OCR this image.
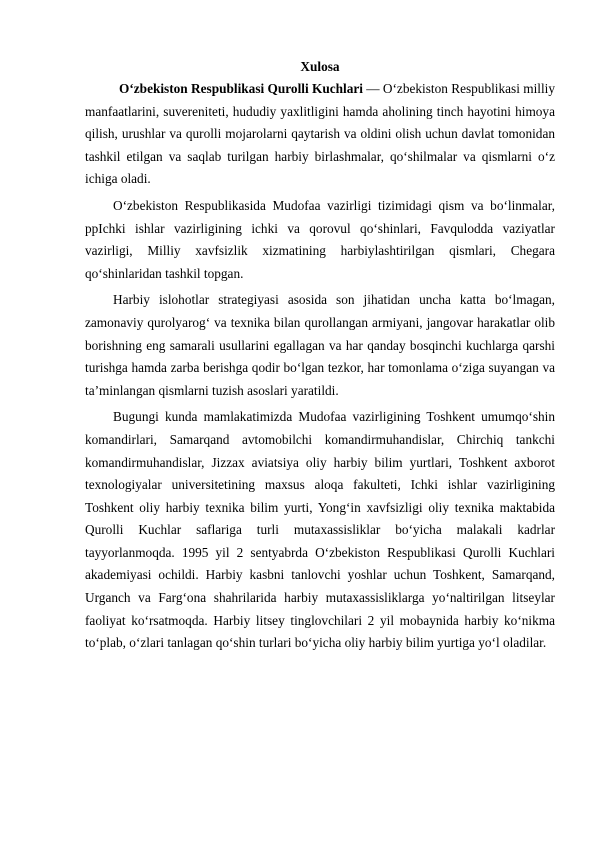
Xulosa

O‘zbekiston Respublikasi Qurolli Kuchlari — O‘zbekiston Respublikasi milliy manfaatlarini, suvereniteti, hududiy yaxlitligini hamda aholining tinch hayotini himoya qilish, urushlar va qurolli mojarolarni qaytarish va oldini olish uchun davlat tomonidan tashkil etilgan va saqlab turilgan harbiy birlashmalar, qo‘shilmalar va qismlarni o‘z ichiga oladi.

O‘zbekiston Respublikasida Mudofaa vazirligi tizimidagi qism va bo‘linmalar, ppIchki ishlar vazirligining ichki va qorovul qo‘shinlari, Favqulodda vaziyatlar vazirligi, Milliy xavfsizlik xizmatining harbiylashtirilgan qismlari, Chegara qo‘shinlaridan tashkil topgan.

Harbiy islohotlar strategiyasi asosida son jihatidan uncha katta bo‘lmagan, zamonaviy qurolyarog‘ va texnika bilan qurollangan armiyani, jangovar harakatlar olib borishning eng samarali usullarini egallagan va har qanday bosqinchi kuchlarga qarshi turishga hamda zarba berishga qodir bo‘lgan tezkor, har tomonlama o‘ziga suyangan va ta’minlangan qismlarni tuzish asoslari yaratildi.

Bugungi kunda mamlakatimizda Mudofaa vazirligining Toshkent umumqo‘shin komandirlari, Samarqand avtomobilchi komandirmuhandislar, Chirchiq tankchi komandirmuhandislar, Jizzax aviatsiya oliy harbiy bilim yurtlari, Toshkent axborot texnologiyalar universitetining maxsus aloqa fakulteti, Ichki ishlar vazirligining Toshkent oliy harbiy texnika bilim yurti, Yong‘in xavfsizligi oliy texnika maktabida Qurolli Kuchlar saflariga turli mutaxassisliklar bo‘yicha malakali kadrlar tayyorlanmoqda. 1995 yil 2 sentyabrda O‘zbekiston Respublikasi Qurolli Kuchlari akademiyasi ochildi. Harbiy kasbni tanlovchi yoshlar uchun Toshkent, Samarqand, Urganch va Farg‘ona shahrilarida harbiy mutaxassisliklarga yo‘naltirilgan litseylar faoliyat ko‘rsatmoqda. Harbiy litsey tinglovchilari 2 yil mobaynida harbiy ko‘nikma to‘plab, o‘zlari tanlagan qo‘shin turlari bo‘yicha oliy harbiy bilim yurtiga yo‘l oladilar.
